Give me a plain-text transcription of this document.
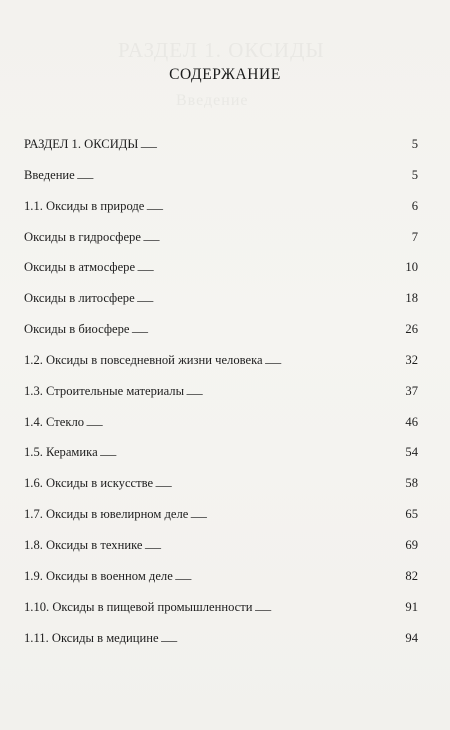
РАЗДЕЛ 1. ОКСИДЫ
Введение
СОДЕРЖАНИЕ
РАЗДЕЛ 1. ОКСИДЫ . . .	5
Введение . . .	5
1.1. Оксиды в природе . . .	6
Оксиды в гидросфере . . .	7
Оксиды в атмосфере . . .	10
Оксиды в литосфере . . .	18
Оксиды в биосфере . . .	26
1.2. Оксиды в повседневной жизни человека . . .	32
1.3. Строительные материалы . . .	37
1.4. Стекло . . .	46
1.5. Керамика . . .	54
1.6. Оксиды в искусстве . . .	58
1.7. Оксиды в ювелирном деле . . .	65
1.8. Оксиды в технике . . .	69
1.9. Оксиды в военном деле . . .	82
1.10. Оксиды в пищевой промышленности . . .	91
1.11. Оксиды в медицине . . .	94
